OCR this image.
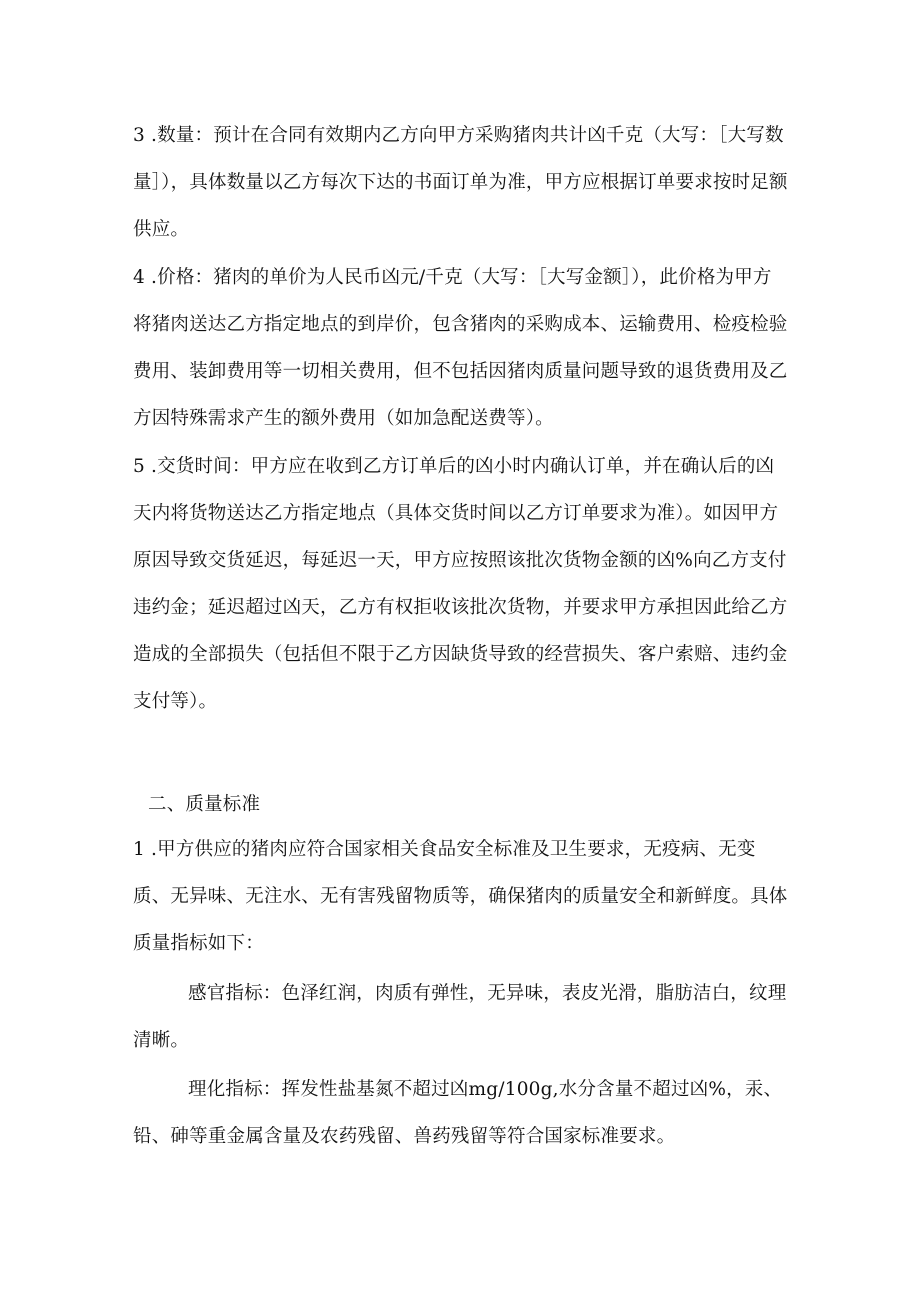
3 .数量：预计在合同有效期内乙方向甲方采购猪肉共计凶千克（大写：［大写数量］），具体数量以乙方每次下达的书面订单为准，甲方应根据订单要求按时足额供应。

4 .价格：猪肉的单价为人民币凶元/千克（大写：［大写金额］），此价格为甲方将猪肉送达乙方指定地点的到岸价，包含猪肉的采购成本、运输费用、检疫检验费用、装卸费用等一切相关费用，但不包括因猪肉质量问题导致的退货费用及乙方因特殊需求产生的额外费用（如加急配送费等）。

5 .交货时间：甲方应在收到乙方订单后的凶小时内确认订单，并在确认后的凶天内将货物送达乙方指定地点（具体交货时间以乙方订单要求为准）。如因甲方原因导致交货延迟，每延迟一天，甲方应按照该批次货物金额的凶%向乙方支付违约金；延迟超过凶天，乙方有权拒收该批次货物，并要求甲方承担因此给乙方造成的全部损失（包括但不限于乙方因缺货导致的经营损失、客户索赔、违约金支付等）。

二、质量标准

1 .甲方供应的猪肉应符合国家相关食品安全标准及卫生要求，无疫病、无变质、无异味、无注水、无有害残留物质等，确保猪肉的质量安全和新鲜度。具体质量指标如下：

感官指标：色泽红润，肉质有弹性，无异味，表皮光滑，脂肪洁白，纹理清晰。

理化指标：挥发性盐基氮不超过凶mg/100g,水分含量不超过凶%，汞、铅、砷等重金属含量及农药残留、兽药残留等符合国家标准要求。
